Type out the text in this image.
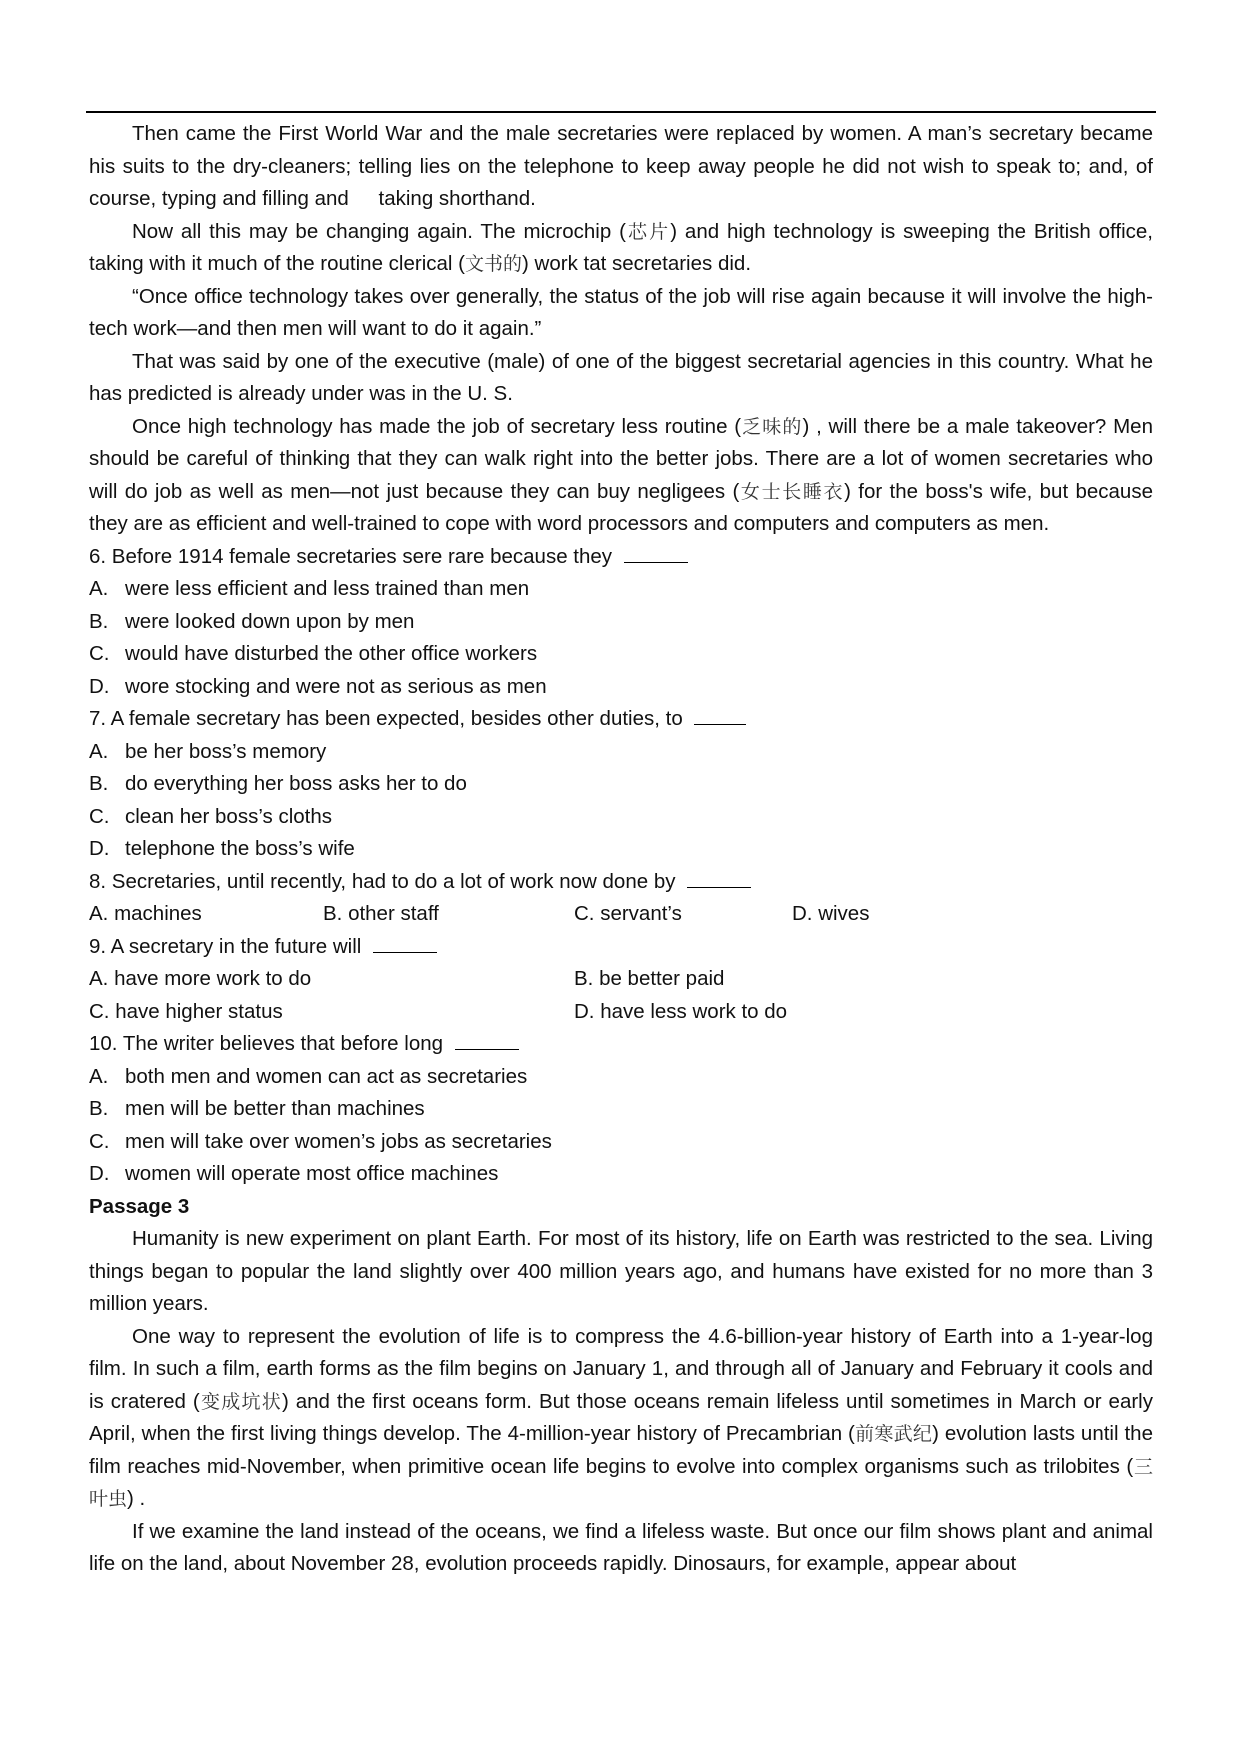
Then came the First World War and the male secretaries were replaced by women. A man’s secretary became his suits to the dry-cleaners; telling lies on the telephone to keep away people he did not wish to speak to; and, of course, typing and filling and taking shorthand.

Now all this may be changing again. The microchip (芯片) and high technology is sweeping the British office, taking with it much of the routine clerical (文书的) work tat secretaries did.

“Once office technology takes over generally, the status of the job will rise again because it will involve the high-tech work—and then men will want to do it again.”

That was said by one of the executive (male) of one of the biggest secretarial agencies in this country. What he has predicted is already under was in the U. S.

Once high technology has made the job of secretary less routine (乏味的) , will there be a male takeover? Men should be careful of thinking that they can walk right into the better jobs. There are a lot of women secretaries who will do job as well as men—not just because they can buy negligees (女士长睡衣) for the boss's wife, but because they are as efficient and well-trained to cope with word processors and computers and computers as men.

6. Before 1914 female secretaries sere rare because they

A. were less efficient and less trained than men

B. were looked down upon by men

C. would have disturbed the other office workers

D. wore stocking and were not as serious as men

7. A female secretary has been expected, besides other duties, to

A. be her boss’s memory

B. do everything her boss asks her to do

C. clean her boss’s cloths

D. telephone the boss’s wife

8. Secretaries, until recently, had to do a lot of work now done by

A. machines	B. other staff	C. servant’s	D. wives

9. A secretary in the future will

A. have more work to do	B. be better paid

C. have higher status	D. have less work to do

10. The writer believes that before long

A. both men and women can act as secretaries

B. men will be better than machines

C. men will take over women’s jobs as secretaries

D. women will operate most office machines

Passage 3

Humanity is new experiment on plant Earth. For most of its history, life on Earth was restricted to the sea. Living things began to popular the land slightly over 400 million years ago, and humans have existed for no more than 3 million years.

One way to represent the evolution of life is to compress the 4.6-billion-year history of Earth into a 1-year-log film. In such a film, earth forms as the film begins on January 1, and through all of January and February it cools and is cratered (变成坑状) and the first oceans form. But those oceans remain lifeless until sometimes in March or early April, when the first living things develop. The 4-million-year history of Precambrian (前寒武纪) evolution lasts until the film reaches mid-November, when primitive ocean life begins to evolve into complex organisms such as trilobites (三叶虫) .

If we examine the land instead of the oceans, we find a lifeless waste. But once our film shows plant and animal life on the land, about November 28, evolution proceeds rapidly. Dinosaurs, for example, appear about
